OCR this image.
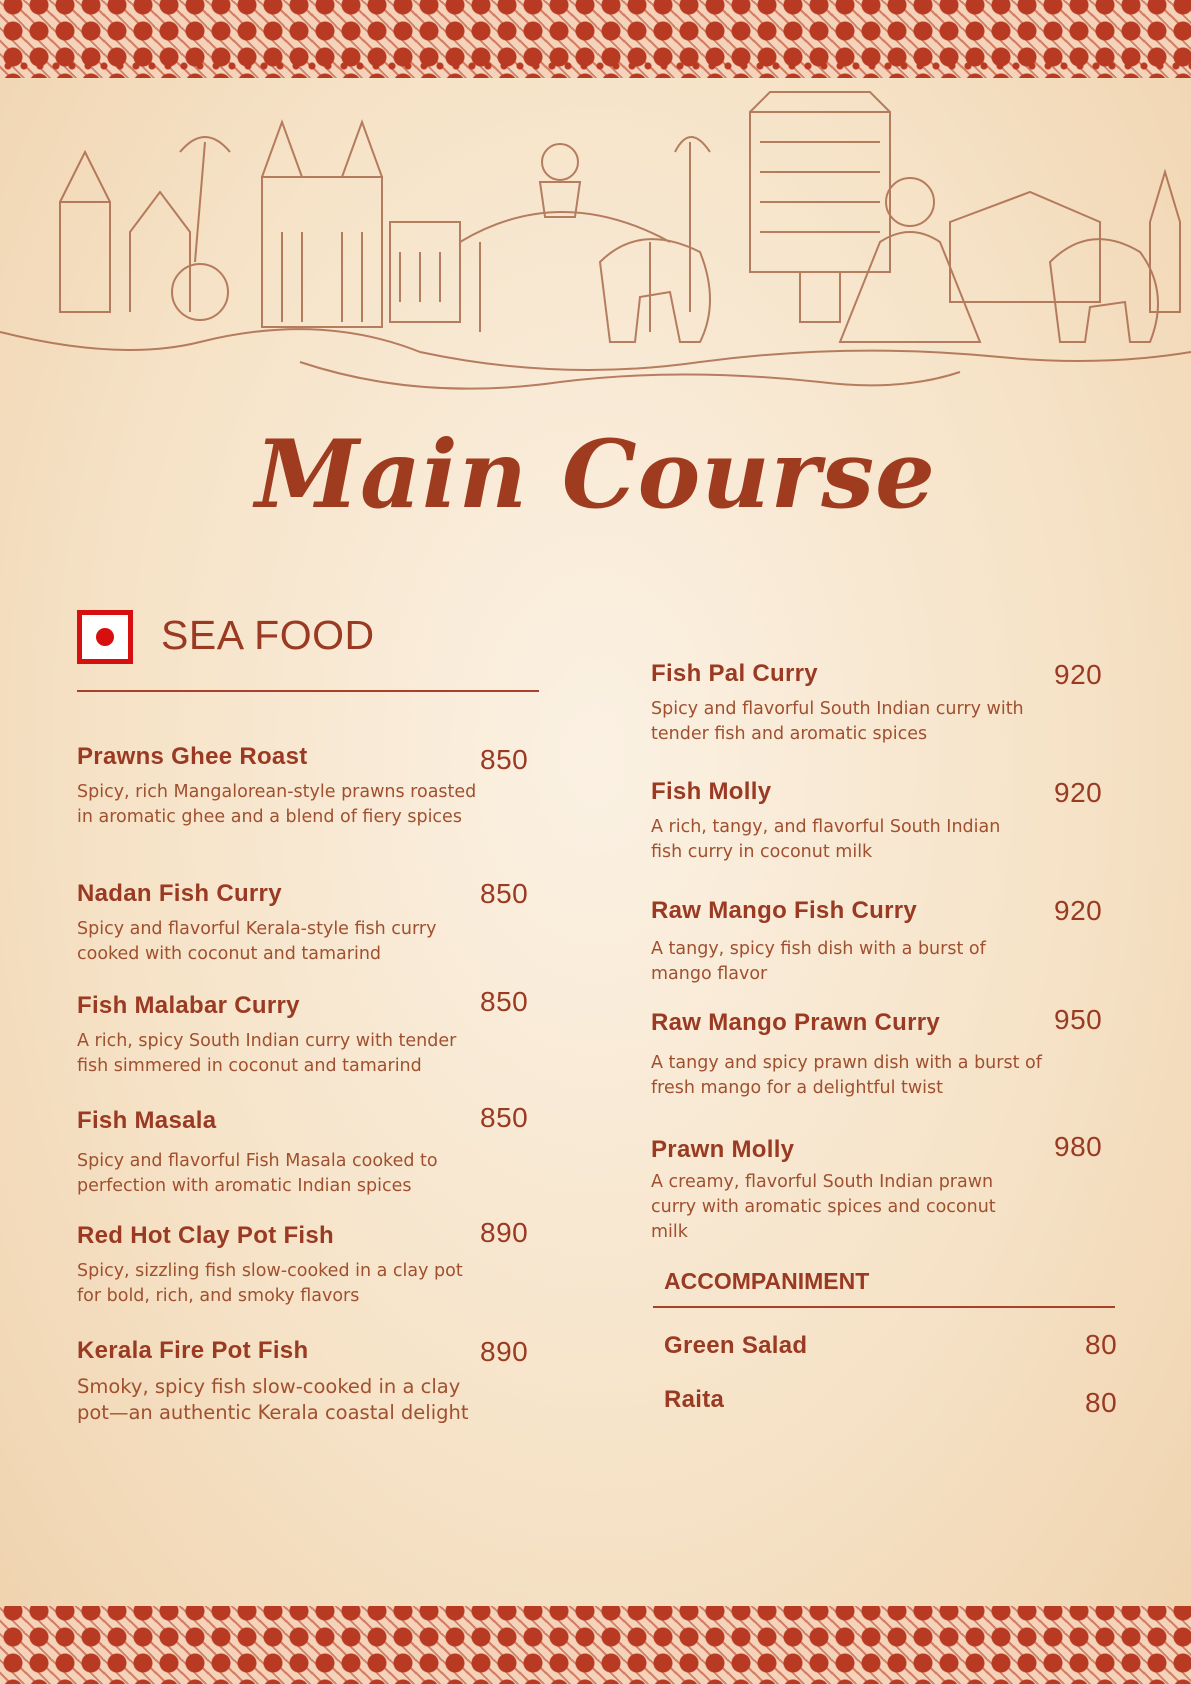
Main Course
SEA FOOD
Prawns Ghee Roast
Spicy, rich Mangalorean-style prawns roasted in aromatic ghee and a blend of fiery spices
850
Nadan Fish Curry
Spicy and flavorful Kerala-style fish curry cooked with coconut and tamarind
850
Fish Malabar Curry
A rich, spicy South Indian curry with tender fish simmered in coconut and tamarind
850
Fish Masala
Spicy and flavorful Fish Masala cooked to perfection with aromatic Indian spices
850
Red Hot Clay Pot Fish
Spicy, sizzling fish slow-cooked in a clay pot for bold, rich, and smoky flavors
890
Kerala Fire Pot Fish
Smoky, spicy fish slow-cooked in a clay pot—an authentic Kerala coastal delight
890
Fish Pal Curry
Spicy and flavorful South Indian curry with tender fish and aromatic spices
920
Fish Molly
A rich, tangy, and flavorful South Indian fish curry in coconut milk
920
Raw Mango Fish Curry
A tangy, spicy fish dish with a burst of mango flavor
920
Raw Mango Prawn Curry
A tangy and spicy prawn dish with a burst of fresh mango for a delightful twist
950
Prawn Molly
A creamy, flavorful South Indian prawn curry with aromatic spices and coconut milk
980
ACCOMPANIMENT
Green Salad	80
Raita	80
